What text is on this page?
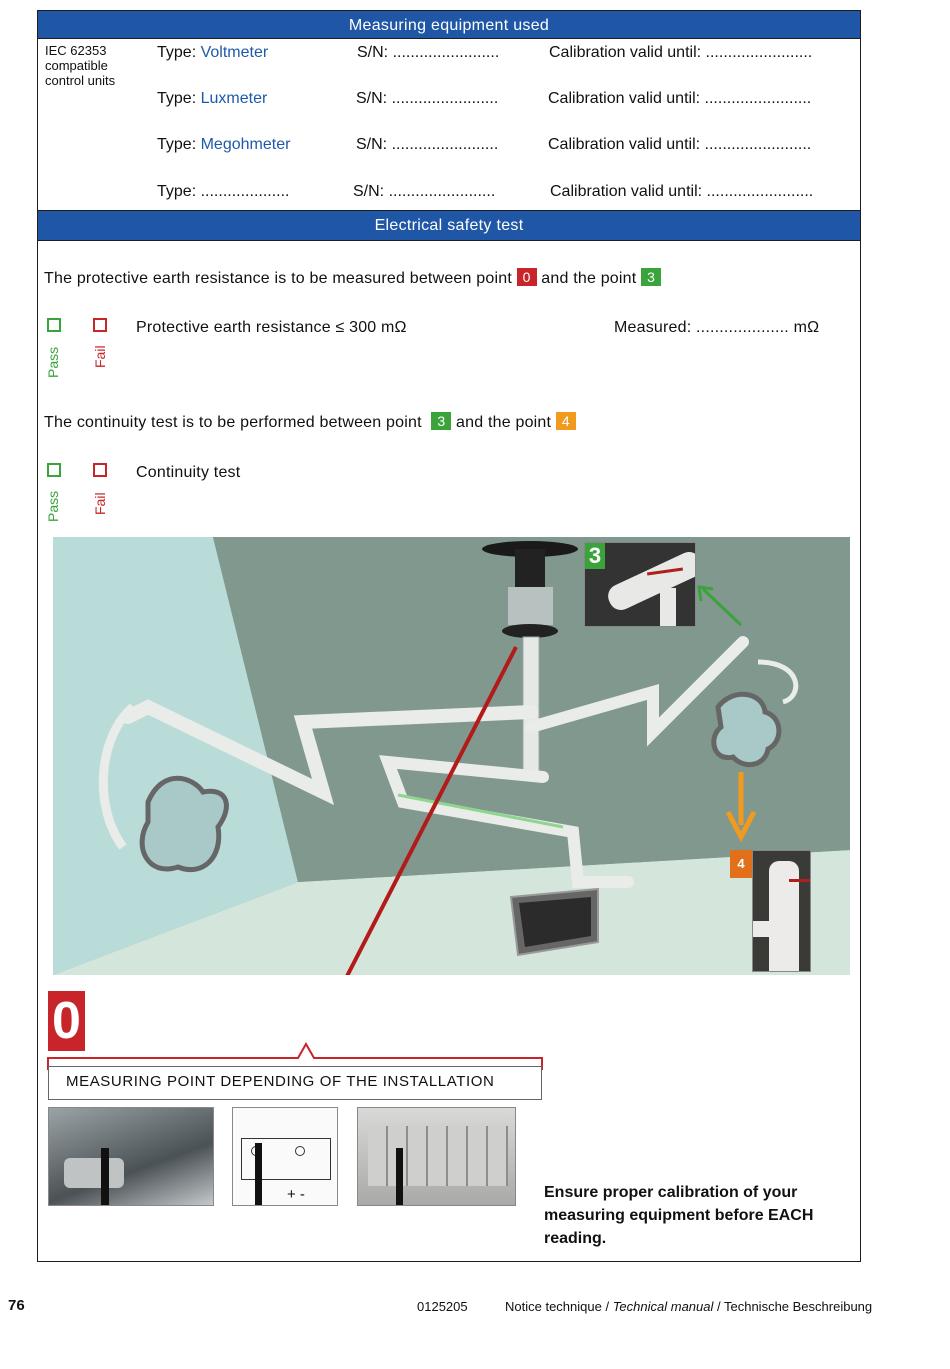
Measuring equipment used
IEC 62353 compatible control units
Type: Voltmeter	S/N: ........................	Calibration valid until: ........................
Type: Luxmeter	S/N: ........................	Calibration valid until: ........................
Type: Megohmeter	S/N: ........................	Calibration valid until: ........................
Type: ....................	S/N: ........................	Calibration valid until: ........................
Electrical safety test
The protective earth resistance is to be measured between point 0 and the point 3
Pass Fail
Protective earth resistance ≤ 300 mΩ	Measured: .................... mΩ
The continuity test is to be performed between point 3 and the point 4
Pass Fail
Continuity test
3
4
0
MEASURING POINT DEPENDING OF THE INSTALLATION
+ -	Ensure proper calibration of your measuring equipment before EACH reading.
76	0125205	Notice technique / Technical manual / Technische Beschreibung
